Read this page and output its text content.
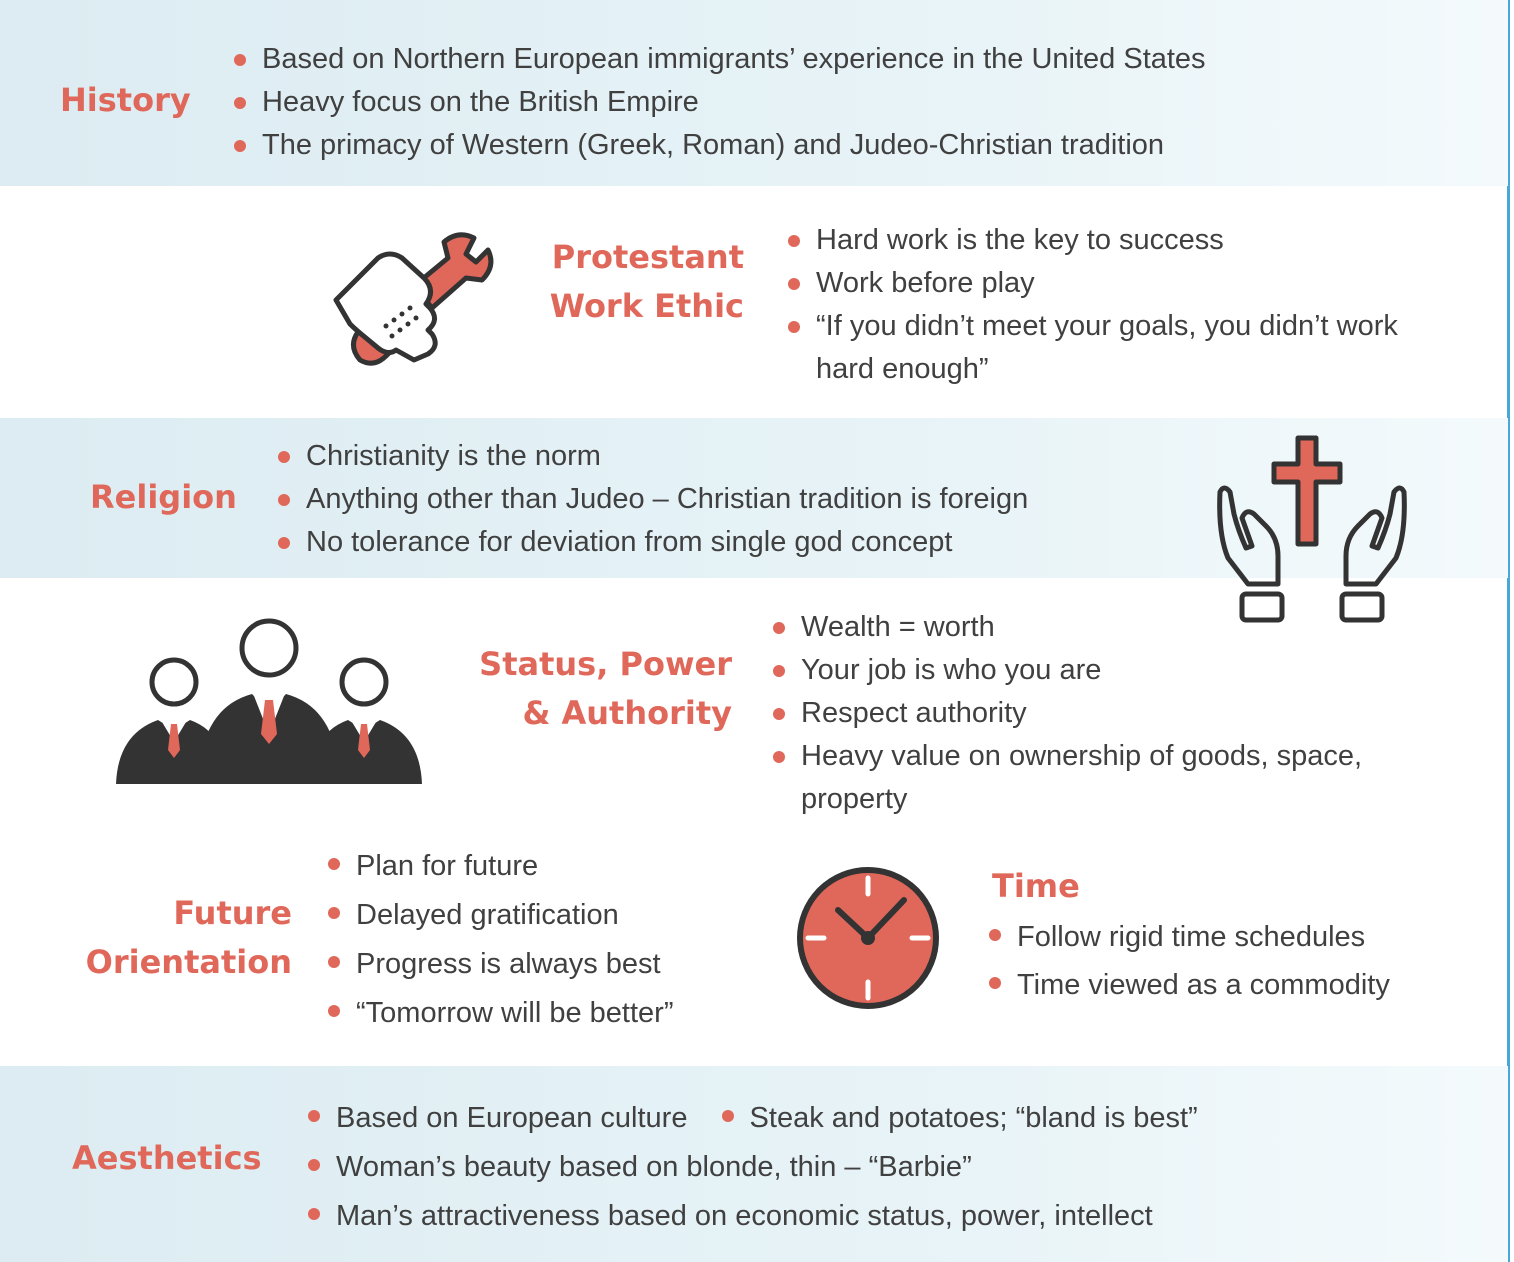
History
Based on Northern European immigrants’ experience in the United States
Heavy focus on the British Empire
The primacy of Western (Greek, Roman) and Judeo-Christian tradition
Protestant
Work Ethic
Hard work is the key to success
Work before play
“If you didn’t meet your goals, you didn’t work hard enough”
Religion
Christianity is the norm
Anything other than Judeo – Christian tradition is foreign
No tolerance for deviation from single god concept
Status, Power
& Authority
Wealth = worth
Your job is who you are
Respect authority
Heavy value on ownership of goods, space, property
Future
Orientation
Plan for future
Delayed gratification
Progress is always best
“Tomorrow will be better”
Time
Follow rigid time schedules
Time viewed as a commodity
Aesthetics
Based on European culture Steak and potatoes; “bland is best”
Woman’s beauty based on blonde, thin – “Barbie”
Man’s attractiveness based on economic status, power, intellect
